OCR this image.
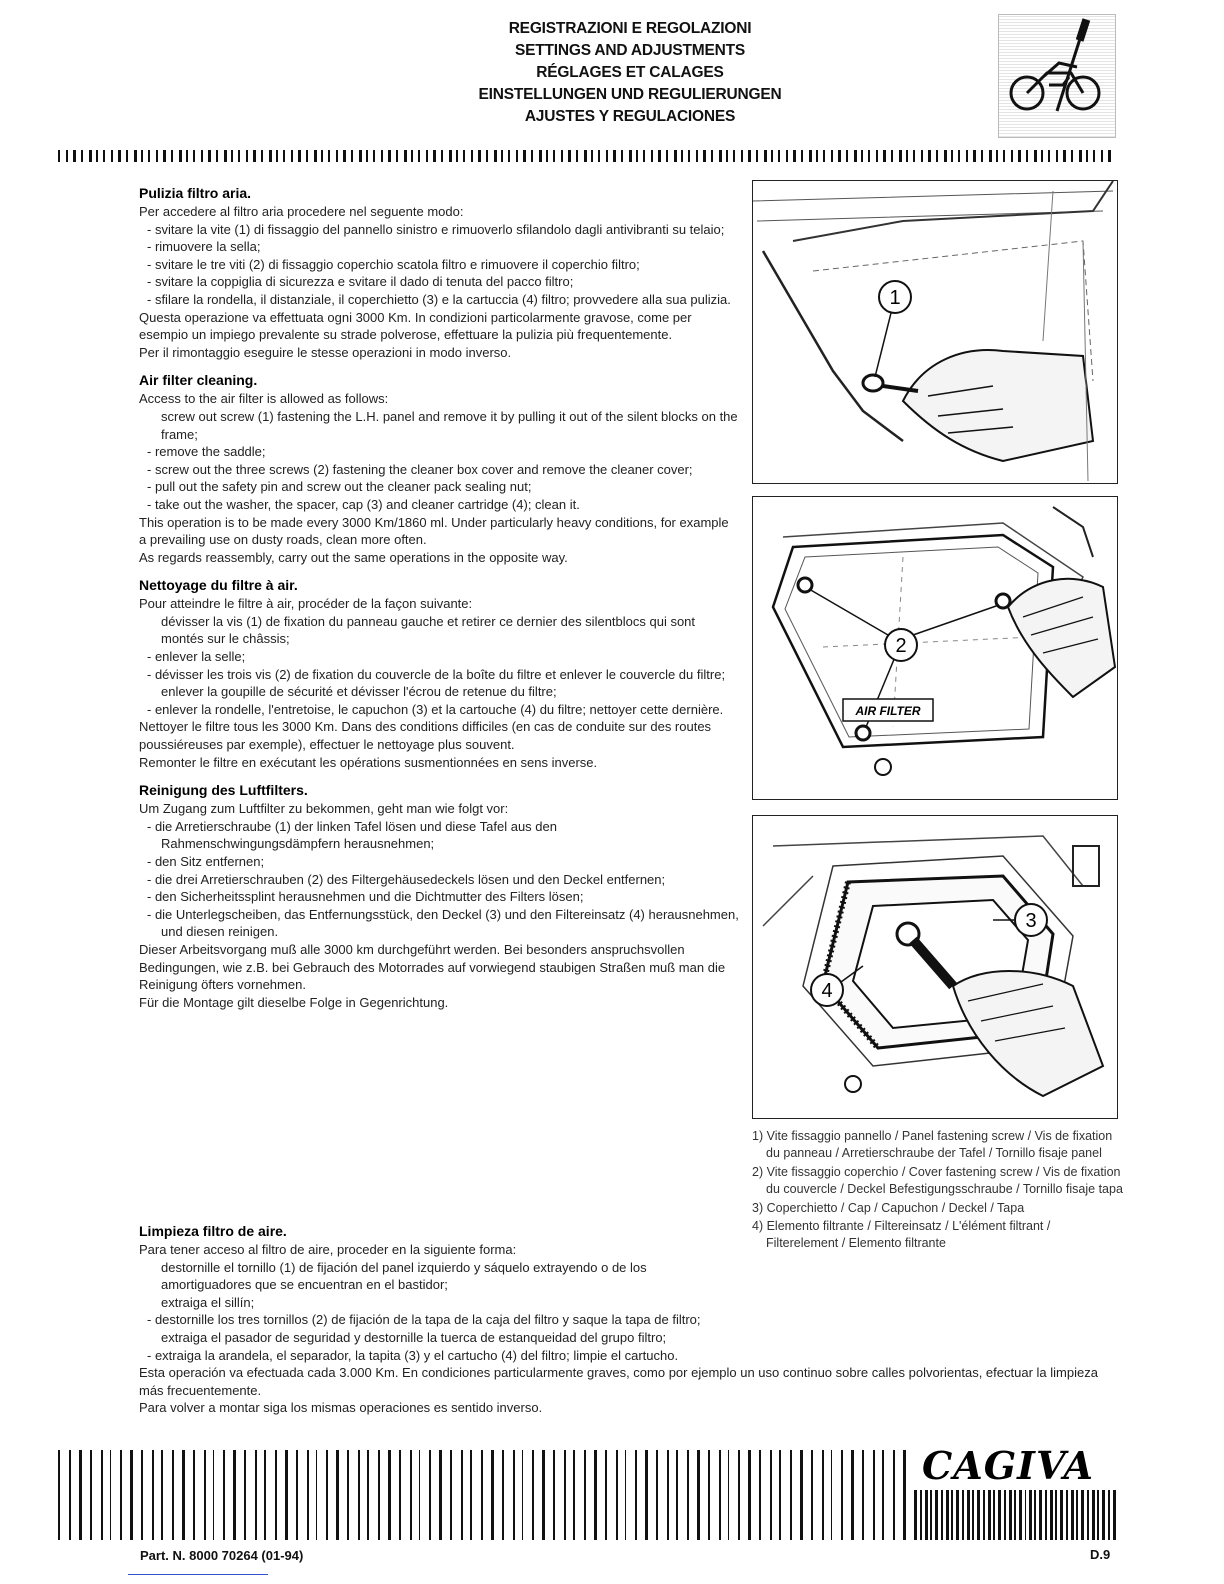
REGISTRAZIONI E REGOLAZIONI
SETTINGS AND ADJUSTMENTS
RÉGLAGES ET CALAGES
EINSTELLUNGEN UND REGULIERUNGEN
AJUSTES Y REGULACIONES
Pulizia filtro aria.

Per accedere al filtro aria procedere nel seguente modo:

- svitare la vite (1) di fissaggio del pannello sinistro e rimuoverlo sfilandolo dagli antivibranti su telaio;

- rimuovere la sella;

- svitare le tre viti (2) di fissaggio coperchio scatola filtro e rimuovere il coperchio filtro;

- svitare la coppiglia di sicurezza e svitare il dado di tenuta del pacco filtro;

- sfilare la rondella, il distanziale, il coperchietto (3) e la cartuccia (4) filtro; provvedere alla sua pulizia.

Questa operazione va effettuata ogni 3000 Km. In condizioni particolarmente gravose, come per esempio un impiego prevalente su strade polverose, effettuare la pulizia più frequentemente.

Per il rimontaggio eseguire le stesse operazioni in modo inverso.

Air filter cleaning.

Access to the air filter is allowed as follows:

screw out screw (1) fastening the L.H. panel and remove it by pulling it out of the silent blocks on the frame;

- remove the saddle;

- screw out the three screws (2) fastening the cleaner box cover and remove the cleaner cover;

- pull out the safety pin and screw out the cleaner pack sealing nut;

- take out the washer, the spacer, cap (3) and cleaner cartridge (4); clean it.

This operation is to be made every 3000 Km/1860 ml. Under particularly heavy conditions, for example a prevailing use on dusty roads, clean more often.

As regards reassembly, carry out the same operations in the opposite way.

Nettoyage du filtre à air.

Pour atteindre le filtre à air, procéder de la façon suivante:

dévisser la vis (1) de fixation du panneau gauche et retirer ce dernier des silentblocs qui sont montés sur le châssis;

- enlever la selle;

- dévisser les trois vis (2) de fixation du couvercle de la boîte du filtre et enlever le couvercle du filtre;

enlever la goupille de sécurité et dévisser l'écrou de retenue du filtre;

- enlever la rondelle, l'entretoise, le capuchon (3) et la cartouche (4) du filtre; nettoyer cette dernière.

Nettoyer le filtre tous les 3000 Km. Dans des conditions difficiles (en cas de conduite sur des routes poussiéreuses par exemple), effectuer le nettoyage plus souvent.

Remonter le filtre en exécutant les opérations susmentionnées en sens inverse.

Reinigung des Luftfilters.

Um Zugang zum Luftfilter zu bekommen, geht man wie folgt vor:

- die Arretierschraube (1) der linken Tafel lösen und diese Tafel aus den Rahmenschwingungsdämpfern herausnehmen;

- den Sitz entfernen;

- die drei Arretierschrauben (2) des Filtergehäusedeckels lösen und den Deckel entfernen;

- den Sicherheitssplint herausnehmen und die Dichtmutter des Filters lösen;

- die Unterlegscheiben, das Entfernungsstück, den Deckel (3) und den Filtereinsatz (4) herausnehmen, und diesen reinigen.

Dieser Arbeitsvorgang muß alle 3000 km durchgeführt werden. Bei besonders anspruchsvollen Bedingungen, wie z.B. bei Gebrauch des Motorrades auf vorwiegend staubigen Straßen muß man die Reinigung öfters vornehmen.

Für die Montage gilt dieselbe Folge in Gegenrichtung.

Limpieza filtro de aire.

Para tener acceso al filtro de aire, proceder en la siguiente forma:

destornille el tornillo (1) de fijación del panel izquierdo y sáquelo extrayendo o de los amortiguadores que se encuentran en el bastidor;

extraiga el sillín;

- destornille los tres tornillos (2) de fijación de la tapa de la caja del filtro y saque la tapa de filtro;

extraiga el pasador de seguridad y destornille la tuerca de estanqueidad del grupo filtro;

- extraiga la arandela, el separador, la tapita (3) y el cartucho (4) del filtro; limpie el cartucho.

Esta operación va efectuada cada 3.000 Km. En condiciones particularmente graves, como por ejemplo un uso continuo sobre calles polvorientas, efectuar la limpieza más frecuentemente.

Para volver a montar siga los mismas operaciones es sentido inverso.

1
2
AIR FILTER
3
4

1) Vite fissaggio pannello / Panel fastening screw / Vis de fixation du panneau / Arretierschraube der Tafel / Tornillo fisaje panel

2) Vite fissaggio coperchio / Cover fastening screw / Vis de fixation du couvercle / Deckel Befestigungsschraube / Tornillo fisaje tapa

3) Coperchietto / Cap / Capuchon / Deckel / Tapa

4) Elemento filtrante / Filtereinsatz / L'élément filtrant / Filterelement / Elemento filtrante

CAGIVA
Part. N. 8000 70264 (01-94)	D.9
